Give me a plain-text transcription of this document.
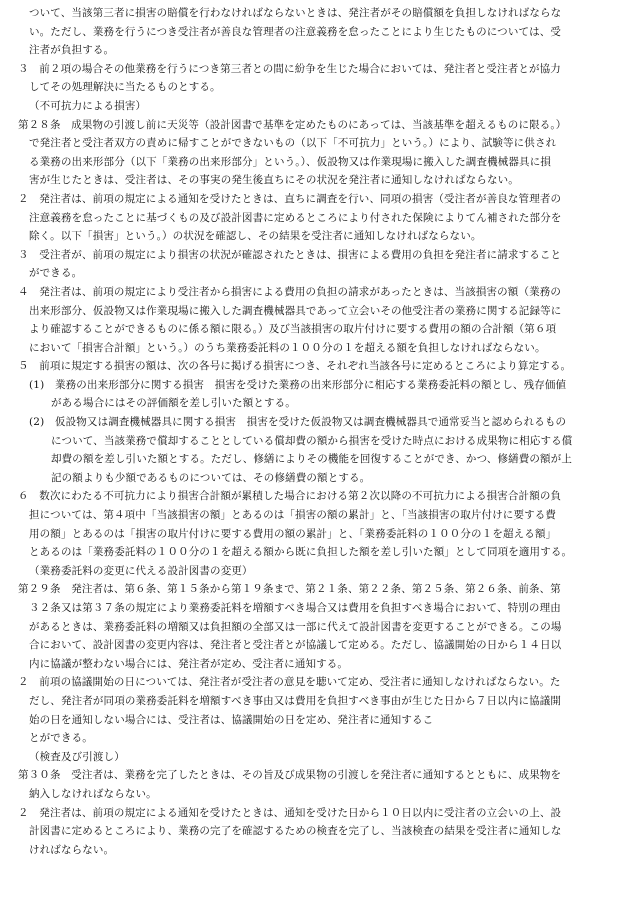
ついて、当該第三者に損害の賠償を行わなければならないときは、発注者がその賠償額を負担しなければならな
い。ただし、業務を行うにつき受注者が善良な管理者の注意義務を怠ったことにより生じたものについては、受
注者が負担する。
３　前２項の場合その他業務を行うにつき第三者との間に紛争を生じた場合においては、発注者と受注者とが協力
してその処理解決に当たるものとする。
（不可抗力による損害）
第２８条　成果物の引渡し前に天災等（設計図書で基準を定めたものにあっては、当該基準を超えるものに限る。）
で発注者と受注者双方の責めに帰すことができないもの（以下「不可抗力」という。）により、試験等に供され
る業務の出来形部分（以下「業務の出来形部分」という。）、仮設物又は作業現場に搬入した調査機械器具に損
害が生じたときは、受注者は、その事実の発生後直ちにその状況を発注者に通知しなければならない。
２　発注者は、前項の規定による通知を受けたときは、直ちに調査を行い、同項の損害（受注者が善良な管理者の
注意義務を怠ったことに基づくもの及び設計図書に定めるところにより付された保険によりてん補された部分を
除く。以下「損害」という。）の状況を確認し、その結果を受注者に通知しなければならない。
３　受注者が、前項の規定により損害の状況が確認されたときは、損害による費用の負担を発注者に請求すること
ができる。
４　発注者は、前項の規定により受注者から損害による費用の負担の請求があったときは、当該損害の額（業務の
出来形部分、仮設物又は作業現場に搬入した調査機械器具であって立会いその他受注者の業務に関する記録等に
より確認することができるものに係る額に限る。）及び当該損害の取片付けに要する費用の額の合計額（第６項
において「損害合計額」という。）のうち業務委託料の１００分の１を超える額を負担しなければならない。
５　前項に規定する損害の額は、次の各号に掲げる損害につき、それぞれ当該各号に定めるところにより算定する。
(1)　業務の出来形部分に関する損害　損害を受けた業務の出来形部分に相応する業務委託料の額とし、残存価値
がある場合にはその評価額を差し引いた額とする。
(2)　仮設物又は調査機械器具に関する損害　損害を受けた仮設物又は調査機械器具で通常妥当と認められるもの
について、当該業務で償却することとしている償却費の額から損害を受けた時点における成果物に相応する償
却費の額を差し引いた額とする。ただし、修繕によりその機能を回復することができ、かつ、修繕費の額が上
記の額よりも少額であるものについては、その修繕費の額とする。
６　数次にわたる不可抗力により損害合計額が累積した場合における第２次以降の不可抗力による損害合計額の負
担については、第４項中「当該損害の額」とあるのは「損害の額の累計」と、「当該損害の取片付けに要する費
用の額」とあるのは「損害の取片付けに要する費用の額の累計」と、「業務委託料の１００分の１を超える額」
とあるのは「業務委託料の１００分の１を超える額から既に負担した額を差し引いた額」として同項を適用する。
（業務委託料の変更に代える設計図書の変更）
第２９条　発注者は、第６条、第１５条から第１９条まで、第２１条、第２２条、第２５条、第２６条、前条、第
３２条又は第３７条の規定により業務委託料を増額すべき場合又は費用を負担すべき場合において、特別の理由
があるときは、業務委託料の増額又は負担額の全部又は一部に代えて設計図書を変更することができる。この場
合において、設計図書の変更内容は、発注者と受注者とが協議して定める。ただし、協議開始の日から１４日以
内に協議が整わない場合には、発注者が定め、受注者に通知する。
２　前項の協議開始の日については、発注者が受注者の意見を聴いて定め、受注者に通知しなければならない。た
だし、発注者が同項の業務委託料を増額すべき事由又は費用を負担すべき事由が生じた日から７日以内に協議開
始の日を通知しない場合には、受注者は、協議開始の日を定め、発注者に通知するこ
とができる。
（検査及び引渡し）
第３０条　受注者は、業務を完了したときは、その旨及び成果物の引渡しを発注者に通知するとともに、成果物を
納入しなければならない。
２　発注者は、前項の規定による通知を受けたときは、通知を受けた日から１０日以内に受注者の立会いの上、設
計図書に定めるところにより、業務の完了を確認するための検査を完了し、当該検査の結果を受注者に通知しな
ければならない。
